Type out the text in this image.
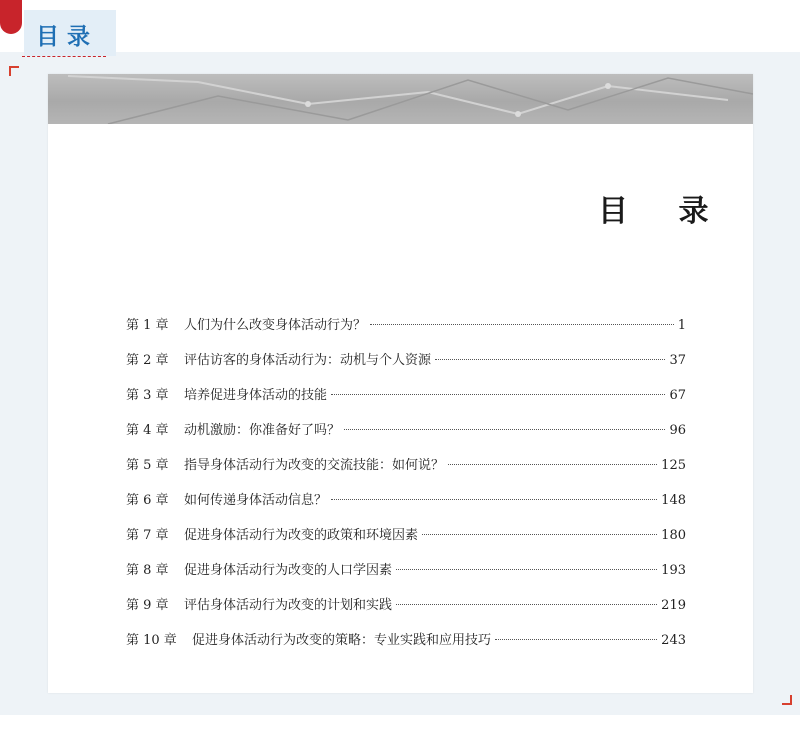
目录
目 录
第 1 章	人们为什么改变身体活动行为？	1
第 2 章	评估访客的身体活动行为：动机与个人资源	37
第 3 章	培养促进身体活动的技能	67
第 4 章	动机激励：你准备好了吗？	96
第 5 章	指导身体活动行为改变的交流技能：如何说？	125
第 6 章	如何传递身体活动信息？	148
第 7 章	促进身体活动行为改变的政策和环境因素	180
第 8 章	促进身体活动行为改变的人口学因素	193
第 9 章	评估身体活动行为改变的计划和实践	219
第 10 章	促进身体活动行为改变的策略：专业实践和应用技巧	243
